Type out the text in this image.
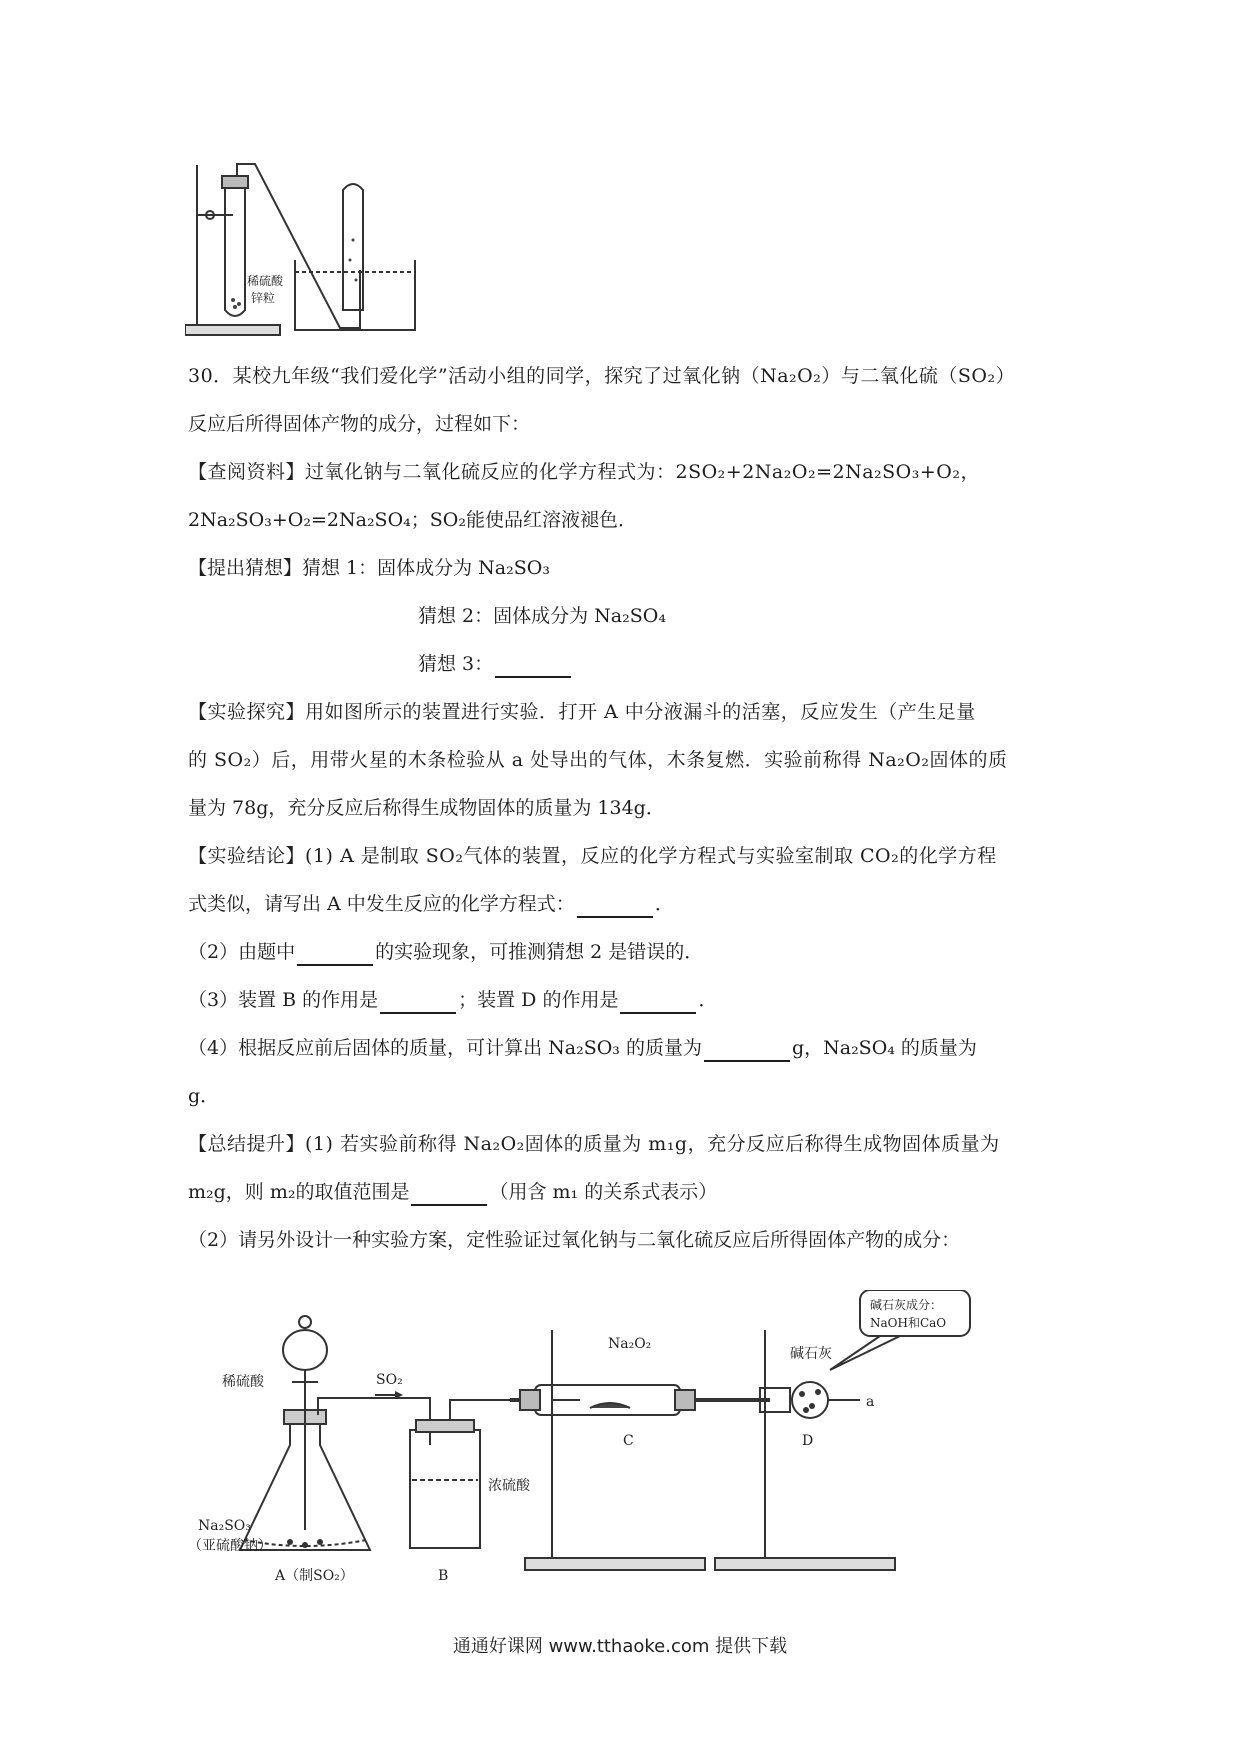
稀硫酸
锌粒
30．某校九年级“我们爱化学”活动小组的同学，探究了过氧化钠（Na₂O₂）与二氧化硫（SO₂）
反应后所得固体产物的成分，过程如下：
【查阅资料】过氧化钠与二氧化硫反应的化学方程式为：2SO₂+2Na₂O₂=2Na₂SO₃+O₂，
2Na₂SO₃+O₂=2Na₂SO₄；SO₂能使品红溶液褪色．
【提出猜想】猜想 1：固体成分为 Na₂SO₃
猜想 2：固体成分为 Na₂SO₄
猜想 3：
【实验探究】用如图所示的装置进行实验．打开 A 中分液漏斗的活塞，反应发生（产生足量
的 SO₂）后，用带火星的木条检验从 a 处导出的气体，木条复燃．实验前称得 Na₂O₂固体的质
量为 78g，充分反应后称得生成物固体的质量为 134g．
【实验结论】(1) A 是制取 SO₂气体的装置，反应的化学方程式与实验室制取 CO₂的化学方程
式类似，请写出 A 中发生反应的化学方程式：	．
（2）由题中	的实验现象，可推测猜想 2 是错误的．
（3）装置 B 的作用是	；装置 D 的作用是	．
（4）根据反应前后固体的质量，可计算出 Na₂SO₃ 的质量为	g，Na₂SO₄ 的质量为
g．
【总结提升】(1) 若实验前称得 Na₂O₂固体的质量为 m₁g，充分反应后称得生成物固体质量为
m₂g，则 m₂的取值范围是	（用含 m₁ 的关系式表示）
（2）请另外设计一种实验方案，定性验证过氧化钠与二氧化硫反应后所得固体产物的成分：
稀硫酸	SO₂
Na₂SO₃
（亚硫酸钠）
A（制SO₂）	B
浓硫酸
Na₂O₂
C
碱石灰
D
a
碱石灰成分：
NaOH和CaO
通通好课网 www.tthaoke.com 提供下载
